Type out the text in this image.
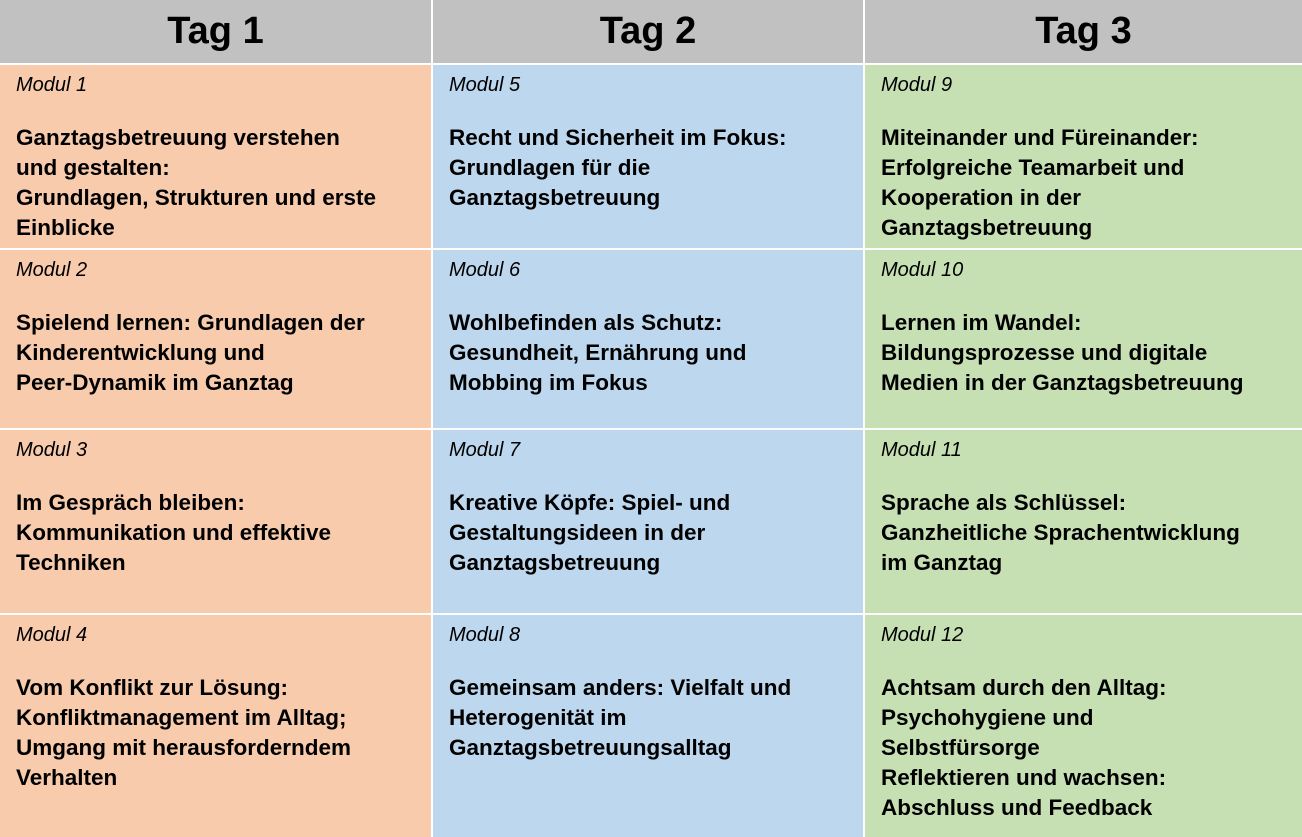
Tag 1	Tag 2	Tag 3
Modul 1
Ganztagsbetreuung verstehen
und gestalten:
Grundlagen, Strukturen und erste
Einblicke
Modul 5
Recht und Sicherheit im Fokus:
Grundlagen für die
Ganztagsbetreuung
Modul 9
Miteinander und Füreinander:
Erfolgreiche Teamarbeit und
Kooperation in der
Ganztagsbetreuung
Modul 2
Spielend lernen: Grundlagen der
Kinderentwicklung und
Peer-Dynamik im Ganztag
Modul 6
Wohlbefinden als Schutz:
Gesundheit, Ernährung und
Mobbing im Fokus
Modul 10
Lernen im Wandel:
Bildungsprozesse und digitale
Medien in der Ganztagsbetreuung
Modul 3
Im Gespräch bleiben:
Kommunikation und effektive
Techniken
Modul 7
Kreative Köpfe: Spiel- und
Gestaltungsideen in der
Ganztagsbetreuung
Modul 11
Sprache als Schlüssel:
Ganzheitliche Sprachentwicklung
im Ganztag
Modul 4
Vom Konflikt zur Lösung:
Konfliktmanagement im Alltag;
Umgang mit herausforderndem
Verhalten
Modul 8
Gemeinsam anders: Vielfalt und
Heterogenität im
Ganztagsbetreuungsalltag
Modul 12
Achtsam durch den Alltag:
Psychohygiene und
Selbstfürsorge
Reflektieren und wachsen:
Abschluss und Feedback
